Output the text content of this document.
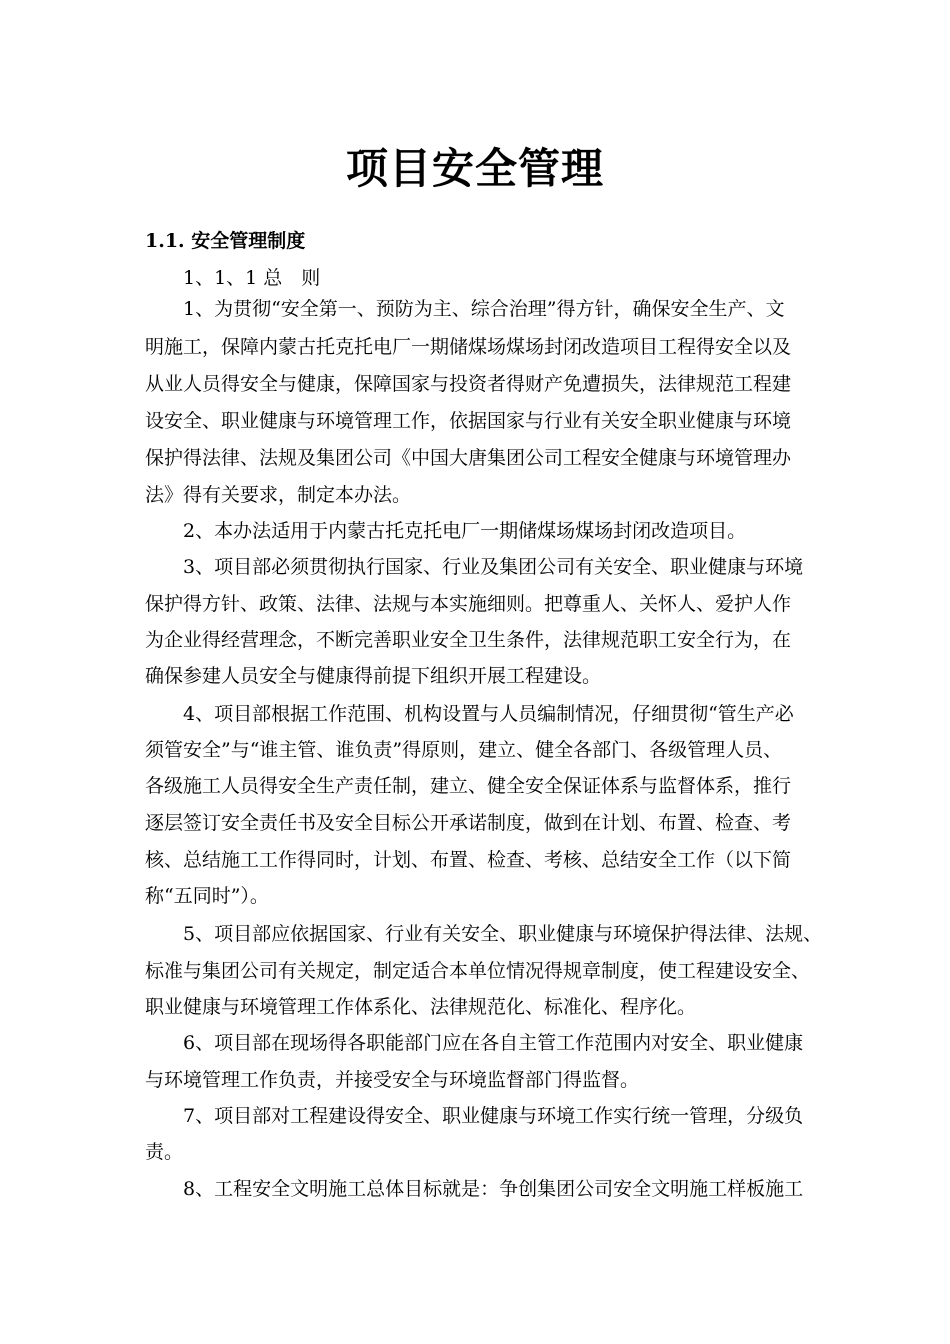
项目安全管理
1.1. 安全管理制度
1、1、1 总　则
1、为贯彻“安全第一、预防为主、综合治理”得方针，确保安全生产、文
明施工，保障内蒙古托克托电厂一期储煤场煤场封闭改造项目工程得安全以及
从业人员得安全与健康，保障国家与投资者得财产免遭损失，法律规范工程建
设安全、职业健康与环境管理工作，依据国家与行业有关安全职业健康与环境
保护得法律、法规及集团公司《中国大唐集团公司工程安全健康与环境管理办
法》得有关要求，制定本办法。
2、本办法适用于内蒙古托克托电厂一期储煤场煤场封闭改造项目。
3、项目部必须贯彻执行国家、行业及集团公司有关安全、职业健康与环境
保护得方针、政策、法律、法规与本实施细则。把尊重人、关怀人、爱护人作
为企业得经营理念，不断完善职业安全卫生条件，法律规范职工安全行为，在
确保参建人员安全与健康得前提下组织开展工程建设。
4、项目部根据工作范围、机构设置与人员编制情况，仔细贯彻“管生产必
须管安全”与“谁主管、谁负责”得原则，建立、健全各部门、各级管理人员、
各级施工人员得安全生产责任制，建立、健全安全保证体系与监督体系，推行
逐层签订安全责任书及安全目标公开承诺制度，做到在计划、布置、检查、考
核、总结施工工作得同时，计划、布置、检查、考核、总结安全工作（以下简
称“五同时”）。
5、项目部应依据国家、行业有关安全、职业健康与环境保护得法律、法规、
标准与集团公司有关规定，制定适合本单位情况得规章制度，使工程建设安全、
职业健康与环境管理工作体系化、法律规范化、标准化、程序化。
6、项目部在现场得各职能部门应在各自主管工作范围内对安全、职业健康
与环境管理工作负责，并接受安全与环境监督部门得监督。
7、项目部对工程建设得安全、职业健康与环境工作实行统一管理，分级负
责。
8、工程安全文明施工总体目标就是：争创集团公司安全文明施工样板施工
